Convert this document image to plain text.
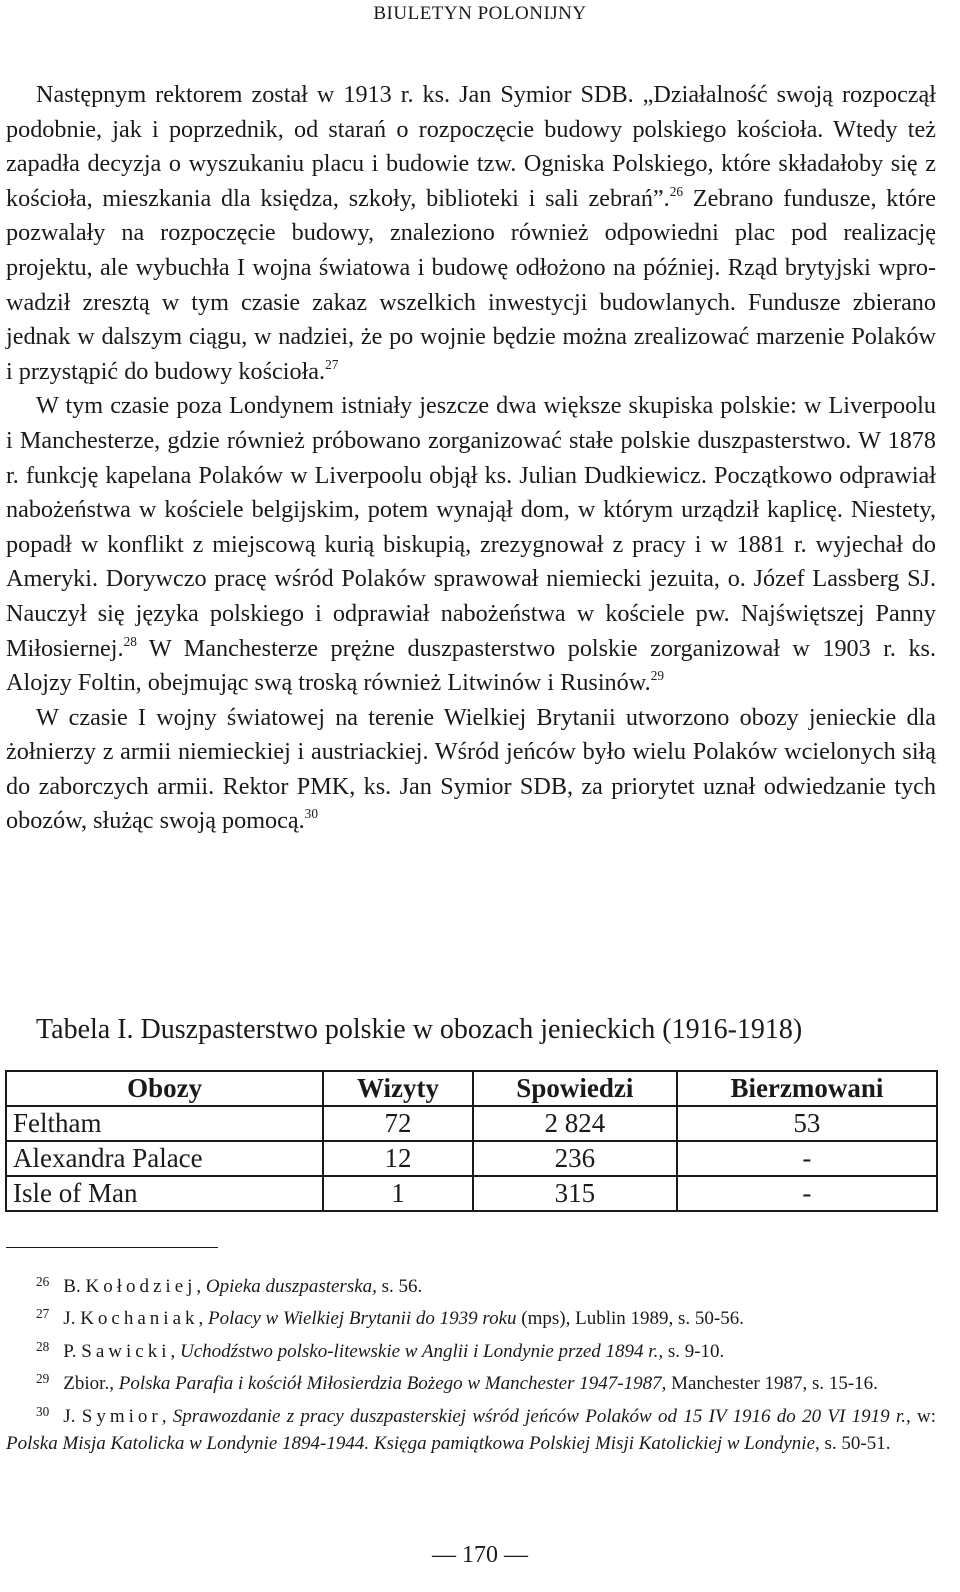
BIULETYN POLONIJNY

Następnym rektorem został w 1913 r. ks. Jan Symior SDB. „Działalność swoją rozpoczął podobnie, jak i poprzednik, od starań o rozpoczęcie budowy polskiego kościoła. Wtedy też zapadła decyzja o wyszukaniu placu i budowie tzw. Ogniska Polskiego, które składałoby się z kościoła, mieszkania dla księdza, szkoły, biblioteki i sali zebrań”.$^{26}$ Zebrano fundusze, które pozwalały na rozpoczęcie budowy, znaleziono również odpowiedni plac pod realizację projektu, ale wybuchła I wojna światowa i budowę odłożono na później. Rząd brytyjski wprowadził zresztą w tym czasie zakaz wszelkich inwestycji budowlanych. Fundusze zbierano jednak w dalszym ciągu, w nadziei, że po wojnie będzie można zrealizować marzenie Polaków i przystąpić do budowy kościoła.$^{27}$

W tym czasie poza Londynem istniały jeszcze dwa większe skupiska polskie: w Liverpoolu i Manchesterze, gdzie również próbowano zorganizować stałe polskie duszpasterstwo. W 1878 r. funkcję kapelana Polaków w Liverpoolu objął ks. Julian Dudkiewicz. Początkowo odprawiał nabożeństwa w kościele belgijskim, potem wynajął dom, w którym urządził kaplicę. Niestety, popadł w konflikt z miejscową kurią biskupią, zrezygnował z pracy i w 1881 r. wyjechał do Ameryki. Dorywczo pracę wśród Polaków sprawował niemiecki jezuita, o. Józef Lassberg SJ. Nauczył się języka polskiego i odprawiał nabożeństwa w kościele pw. Najświętszej Panny Miłosiernej.$^{28}$ W Manchesterze prężne duszpasterstwo polskie zorganizował w 1903 r. ks. Alojzy Foltin, obejmując swą troską również Litwinów i Rusinów.$^{29}$

W czasie I wojny światowej na terenie Wielkiej Brytanii utworzono obozy jenieckie dla żołnierzy z armii niemieckiej i austriackiej. Wśród jeńców było wielu Polaków wcielonych siłą do zaborczych armii. Rektor PMK, ks. Jan Symior SDB, za priorytet uznał odwiedzanie tych obozów, służąc swoją pomocą.$^{30}$

Tabela I. Duszpasterstwo polskie w obozach jenieckich (1916-1918)
Obozy	Wizyty	Spowiedzi	Bierzmowani
Feltham	72	2 824	53
Alexandra Palace	12	236	-
Isle of Man	1	315	-

$^{26}$ B. Kołodziej, Opieka duszpasterska, s. 56.

$^{27}$ J. Kochaniak, Polacy w Wielkiej Brytanii do 1939 roku (mps), Lublin 1989, s. 50-56.

$^{28}$ P. Sawicki, Uchodźstwo polsko-litewskie w Anglii i Londynie przed 1894 r., s. 9-10.

$^{29}$ Zbior., Polska Parafia i kościół Miłosierdzia Bożego w Manchester 1947-1987, Manchester 1987, s. 15-16.

$^{30}$ J. Symior, Sprawozdanie z pracy duszpasterskiej wśród jeńców Polaków od 15 IV 1916 do 20 VI 1919 r., w: Polska Misja Katolicka w Londynie 1894-1944. Księga pamiątkowa Polskiej Misji Katolickiej w Londynie, s. 50-51.

— 170 —
